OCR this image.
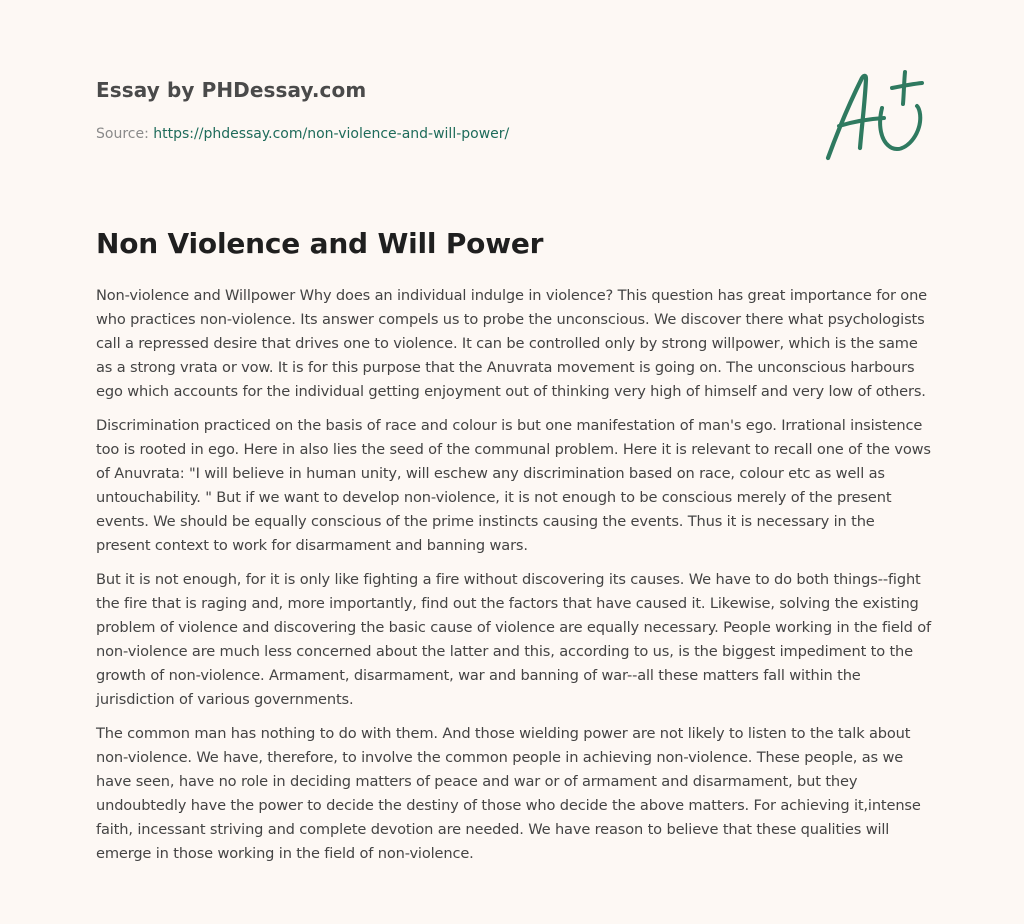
Essay by PHDessay.com
Source: https://phdessay.com/non-violence-and-will-power/
Non Violence and Will Power

Non-violence and Willpower Why does an individual indulge in violence? This question has great importance for one who practices non-violence. Its answer compels us to probe the unconscious. We discover there what psychologists call a repressed desire that drives one to violence. It can be controlled only by strong willpower, which is the same as a strong vrata or vow. It is for this purpose that the Anuvrata movement is going on. The unconscious harbours ego which accounts for the individual getting enjoyment out of thinking very high of himself and very low of others.

Discrimination practiced on the basis of race and colour is but one manifestation of man's ego. Irrational insistence too is rooted in ego. Here in also lies the seed of the communal problem. Here it is relevant to recall one of the vows of Anuvrata: "I will believe in human unity, will eschew any discrimination based on race, colour etc as well as untouchability. " But if we want to develop non-violence, it is not enough to be conscious merely of the present events. We should be equally conscious of the prime instincts causing the events. Thus it is necessary in the present context to work for disarmament and banning wars.

But it is not enough, for it is only like fighting a fire without discovering its causes. We have to do both things--fight the fire that is raging and, more importantly, find out the factors that have caused it. Likewise, solving the existing problem of violence and discovering the basic cause of violence are equally necessary. People working in the field of non-violence are much less concerned about the latter and this, according to us, is the biggest impediment to the growth of non-violence. Armament, disarmament, war and banning of war--all these matters fall within the jurisdiction of various governments.

The common man has nothing to do with them. And those wielding power are not likely to listen to the talk about non-violence. We have, therefore, to involve the common people in achieving non-violence. These people, as we have seen, have no role in deciding matters of peace and war or of armament and disarmament, but they undoubtedly have the power to decide the destiny of those who decide the above matters. For achieving it,intense faith, incessant striving and complete devotion are needed. We have reason to believe that these qualities will emerge in those working in the field of non-violence.
